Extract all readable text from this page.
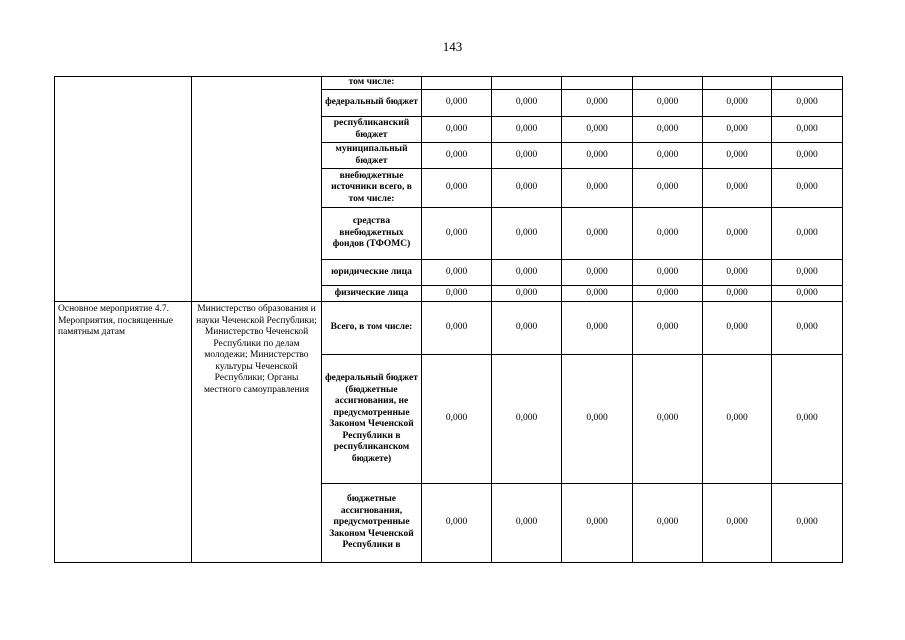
143
		том числе:						
		федеральный бюджет	0,000	0,000	0,000	0,000	0,000	0,000
		республиканский бюджет	0,000	0,000	0,000	0,000	0,000	0,000
		муниципальный бюджет	0,000	0,000	0,000	0,000	0,000	0,000
		внебюджетные источники всего, в том числе:	0,000	0,000	0,000	0,000	0,000	0,000
		средства внебюджетных фондов (ТФОМС)	0,000	0,000	0,000	0,000	0,000	0,000
		юридические лица	0,000	0,000	0,000	0,000	0,000	0,000
		физические лица	0,000	0,000	0,000	0,000	0,000	0,000
Основное мероприятие 4.7. Мероприятия, посвященные памятным датам	Министерство образования и науки Чеченской Республики; Министерство Чеченской Республики по делам молодежи; Министерство культуры Чеченской Республики; Органы местного самоуправления	Всего, в том числе:	0,000	0,000	0,000	0,000	0,000	0,000
		федеральный бюджет (бюджетные ассигнования, не предусмотренные Законом Чеченской Республики в республиканском бюджете)	0,000	0,000	0,000	0,000	0,000	0,000
		бюджетные ассигнования, предусмотренные Законом Чеченской Республики в	0,000	0,000	0,000	0,000	0,000	0,000
